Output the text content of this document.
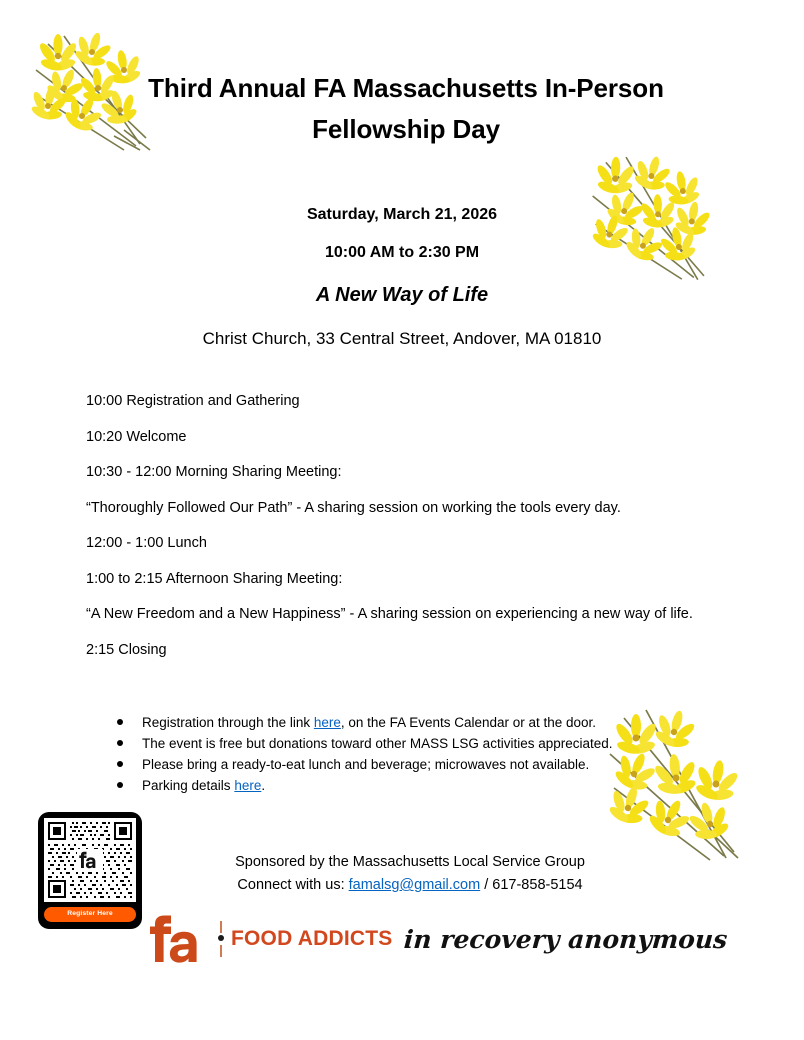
Third Annual FA Massachusetts In-Person
Fellowship Day
Saturday, March 21, 2026
10:00 AM to 2:30 PM
A New Way of Life
Christ Church, 33 Central Street, Andover, MA 01810
10:00 Registration and Gathering
10:20 Welcome
10:30 - 12:00 Morning Sharing Meeting:
“Thoroughly Followed Our Path” - A sharing session on working the tools every day.
12:00 - 1:00 Lunch
1:00 to 2:15 Afternoon Sharing Meeting:
“A New Freedom and a New Happiness” - A sharing session on experiencing a new way of life.
2:15 Closing
Registration through the link here, on the FA Events Calendar or at the door.
The event is free but donations toward other MASS LSG activities appreciated.
Please bring a ready-to-eat lunch and beverage; microwaves not available.
Parking details here.
Sponsored by the Massachusetts Local Service Group
Connect with us: famalsg@gmail.com / 617-858-5154
Register Here
FOOD ADDICTS in recovery anonymous
